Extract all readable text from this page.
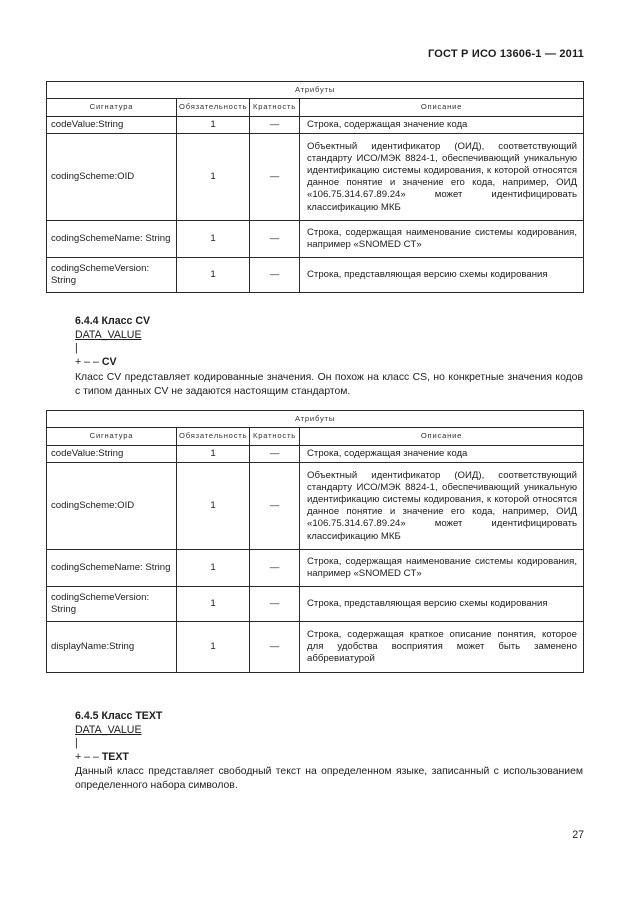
ГОСТ Р ИСО 13606-1 — 2011
Атрибуты			
Сигнатура	Обязательность	Кратность	Описание
codeValue:String	1	—	Строка, содержащая значение кода
codingScheme:OID	1	—	Объектный идентификатор (ОИД), соответствующий стандарту ИСО/МЭК 8824-1, обеспечивающий уникальную идентификацию системы кодирования, к которой относятся данное понятие и значение его кода, например, ОИД «106.75.314.67.89.24» может идентифицировать классификацию МКБ
codingSchemeName: String	1	—	Строка, содержащая наименование системы кодирования, например «SNOMED CT»
codingSchemeVersion: String	1	—	Строка, представляющая версию схемы кодирования
6.4.4 Класс CV
DATA_VALUE
|
+ – – CV
Класс CV представляет кодированные значения. Он похож на класс CS, но конкретные значения кодов с типом данных CV не задаются настоящим стандартом.
Атрибуты			
Сигнатура	Обязательность	Кратность	Описание
codeValue:String	1	—	Строка, содержащая значение кода
codingScheme:OID	1	—	Объектный идентификатор (ОИД), соответствующий стандарту ИСО/МЭК 8824-1, обеспечивающий уникальную идентификацию системы кодирования, к которой относятся данное понятие и значение его кода, например, ОИД «106.75.314.67.89.24» может идентифицировать классификацию МКБ
codingSchemeName: String	1	—	Строка, содержащая наименование системы кодирования, например «SNOMED CT»
codingSchemeVersion: String	1	—	Строка, представляющая версию схемы кодирования
displayName:String	1	—	Строка, содержащая краткое описание понятия, которое для удобства восприятия может быть заменено аббревиатурой
6.4.5 Класс TEXT
DATA_VALUE
|
+ – – TEXT
Данный класс представляет свободный текст на определенном языке, записанный с использованием определенного набора символов.
27
